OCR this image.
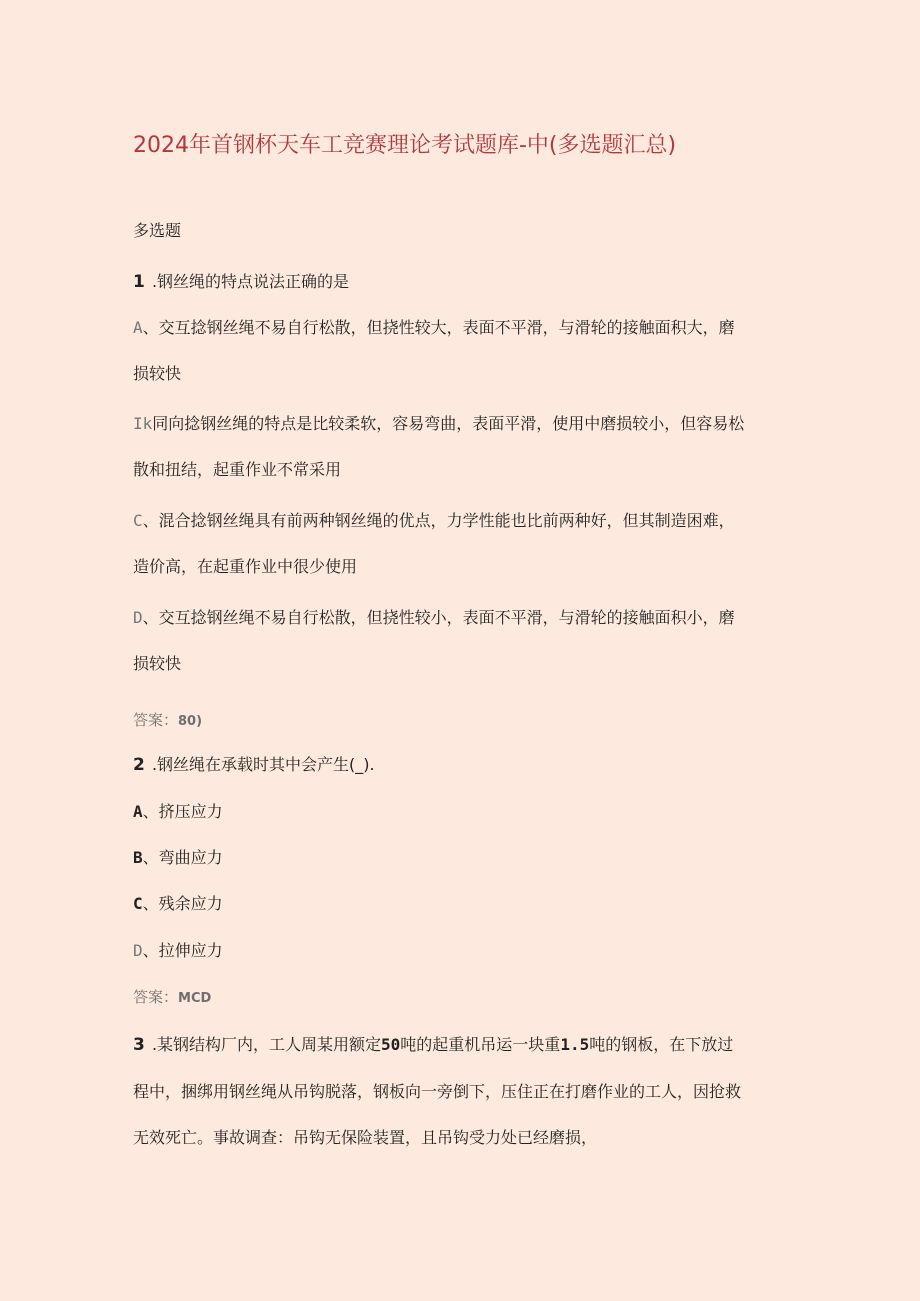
2024年首钢杯天车工竞赛理论考试题库-中(多选题汇总)
多选题
1 .钢丝绳的特点说法正确的是
A、交互捻钢丝绳不易自行松散，但挠性较大，表面不平滑，与滑轮的接触面积大，磨
损较快
Ik同向捻钢丝绳的特点是比较柔软，容易弯曲，表面平滑，使用中磨损较小，但容易松
散和扭结，起重作业不常采用
C、混合捻钢丝绳具有前两种钢丝绳的优点，力学性能也比前两种好，但其制造困难，
造价高，在起重作业中很少使用
D、交互捻钢丝绳不易自行松散，但挠性较小，表面不平滑，与滑轮的接触面积小，磨
损较快
答案：80)
2 .钢丝绳在承载时其中会产生(_).
A、挤压应力
B、弯曲应力
C、残余应力
D、拉伸应力
答案：MCD
3 .某钢结构厂内，工人周某用额定50吨的起重机吊运一块重1.5吨的钢板，在下放过
程中，捆绑用钢丝绳从吊钩脱落，钢板向一旁倒下，压住正在打磨作业的工人，因抢救
无效死亡。事故调查：吊钩无保险装置，且吊钩受力处已经磨损，
